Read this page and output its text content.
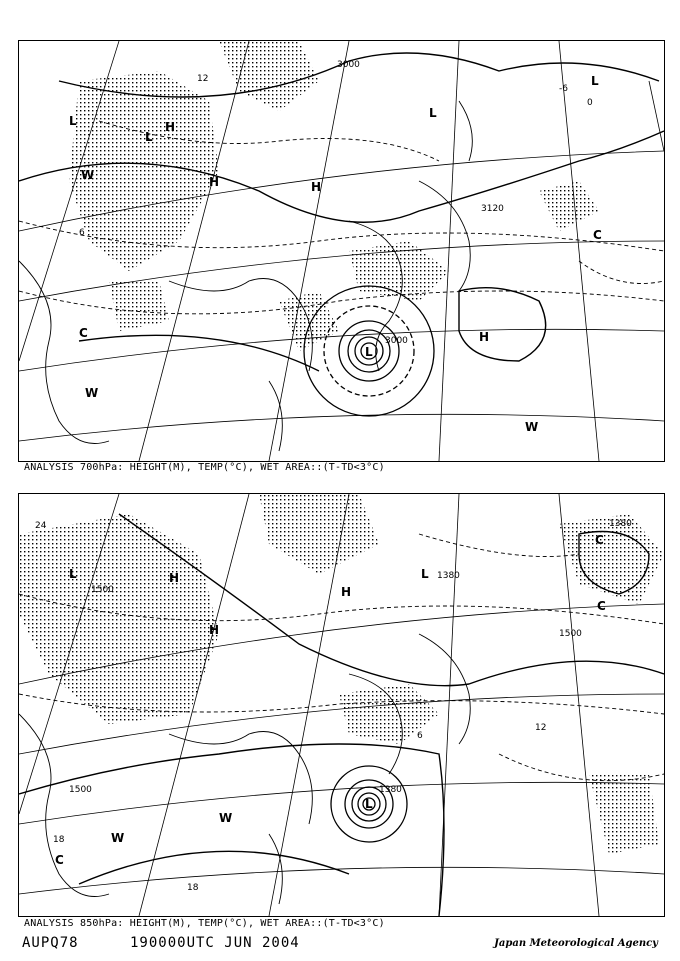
L
L
L
L
H
H
H
H
W
W
W
C
C
L
3000
3000
3120
12
0
-6
6
ANALYSIS 700hPa: HEIGHT(M), TEMP(°C), WET AREA::(T-TD<3°C)
L	L
H
H
H
C
C
C
W
W
L
24
1500
1500
1500
1380
1380
18
18
12
6
1380
ANALYSIS 850hPa: HEIGHT(M), TEMP(°C), WET AREA::(T-TD<3°C)
AUPQ78	190000UTC JUN 2004	Japan Meteorological Agency
